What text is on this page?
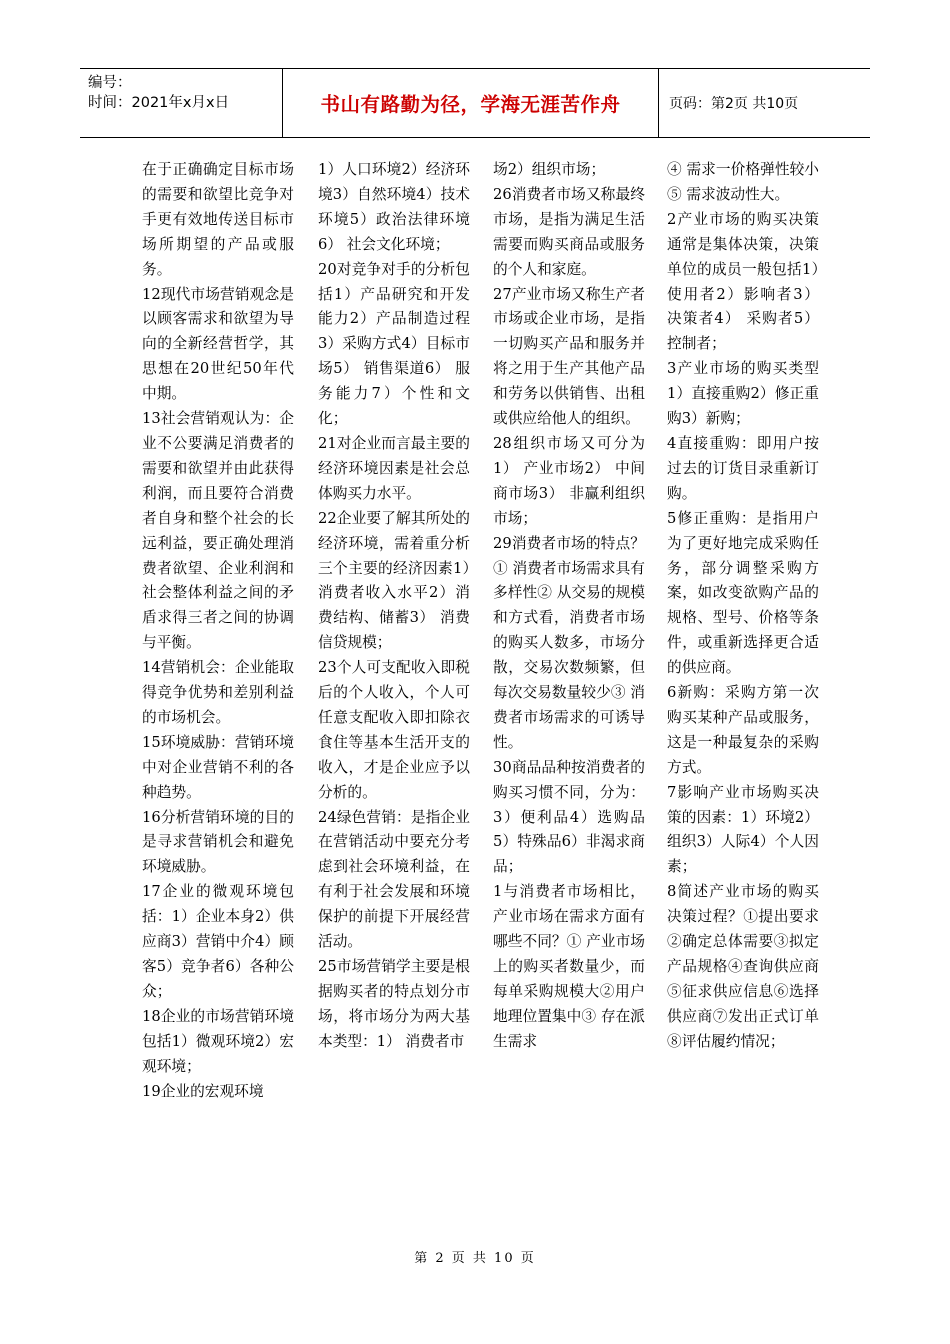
编号：
时间：2021年x月x日	书山有路勤为径，学海无涯苦作舟	页码：第2页 共10页

在于正确确定目标市场的需要和欲望比竞争对手更有效地传送目标市场所期望的产品或服务。

12现代市场营销观念是以顾客需求和欲望为导向的全新经营哲学，其思想在20世纪50年代中期。

13社会营销观认为：企业不公要满足消费者的需要和欲望并由此获得利润，而且要符合消费者自身和整个社会的长远利益，要正确处理消费者欲望、企业利润和社会整体利益之间的矛盾求得三者之间的协调与平衡。

14营销机会：企业能取得竞争优势和差别利益的市场机会。

15环境威胁：营销环境中对企业营销不利的各种趋势。

16分析营销环境的目的是寻求营销机会和避免环境威胁。

17企业的微观环境包括：1）企业本身2）供应商3）营销中介4）顾客5）竞争者6）各种公众；

18企业的市场营销环境包括1）微观环境2）宏观环境；

19企业的宏观环境

1）人口环境2）经济环境3）自然环境4）技术环境5）政治法律环境6） 社会文化环境；

20对竞争对手的分析包括1）产品研究和开发能力2）产品制造过程3）采购方式4）目标市场5） 销售渠道6） 服务能力7）个性和文化；

21对企业而言最主要的经济环境因素是社会总体购买力水平。

22企业要了解其所处的经济环境，需着重分析三个主要的经济因素1）消费者收入水平2）消费结构、储蓄3） 消费信贷规模；

23个人可支配收入即税后的个人收入，个人可任意支配收入即扣除衣食住等基本生活开支的收入，才是企业应予以分析的。

24绿色营销：是指企业在营销活动中要充分考虑到社会环境利益，在有利于社会发展和环境保护的前提下开展经营活动。

25市场营销学主要是根据购买者的特点划分市场，将市场分为两大基本类型：1） 消费者市

场2）组织市场；

26消费者市场又称最终市场，是指为满足生活需要而购买商品或服务的个人和家庭。

27产业市场又称生产者市场或企业市场，是指一切购买产品和服务并将之用于生产其他产品和劳务以供销售、出租或供应给他人的组织。

28组织市场又可分为1） 产业市场2） 中间商市场3） 非赢利组织市场；

29消费者市场的特点？① 消费者市场需求具有多样性② 从交易的规模和方式看，消费者市场的购买人数多，市场分散，交易次数频繁，但每次交易数量较少③ 消费者市场需求的可诱导性。

30商品品种按消费者的购买习惯不同，分为：3）便利品4）选购品5）特殊品6）非渴求商品；

1与消费者市场相比，产业市场在需求方面有哪些不同？① 产业市场上的购买者数量少，而每单采购规模大②用户地理位置集中③ 存在派生需求

④ 需求一价格弹性较小⑤ 需求波动性大。

2产业市场的购买决策通常是集体决策，决策单位的成员一般包括1）使用者2）影响者3） 决策者4） 采购者5） 控制者；

3产业市场的购买类型1）直接重购2）修正重购3）新购；

4直接重购：即用户按过去的订货目录重新订购。

5修正重购：是指用户为了更好地完成采购任务，部分调整采购方案，如改变欲购产品的规格、型号、价格等条件，或重新选择更合适的供应商。

6新购：采购方第一次购买某种产品或服务，这是一种最复杂的采购方式。

7影响产业市场购买决策的因素：1）环境2）组织3）人际4）个人因素；

8简述产业市场的购买决策过程？①提出要求②确定总体需要③拟定产品规格④查询供应商⑤征求供应信息⑥选择供应商⑦发出正式订单⑧评估履约情况；

第 2 页 共 10 页
